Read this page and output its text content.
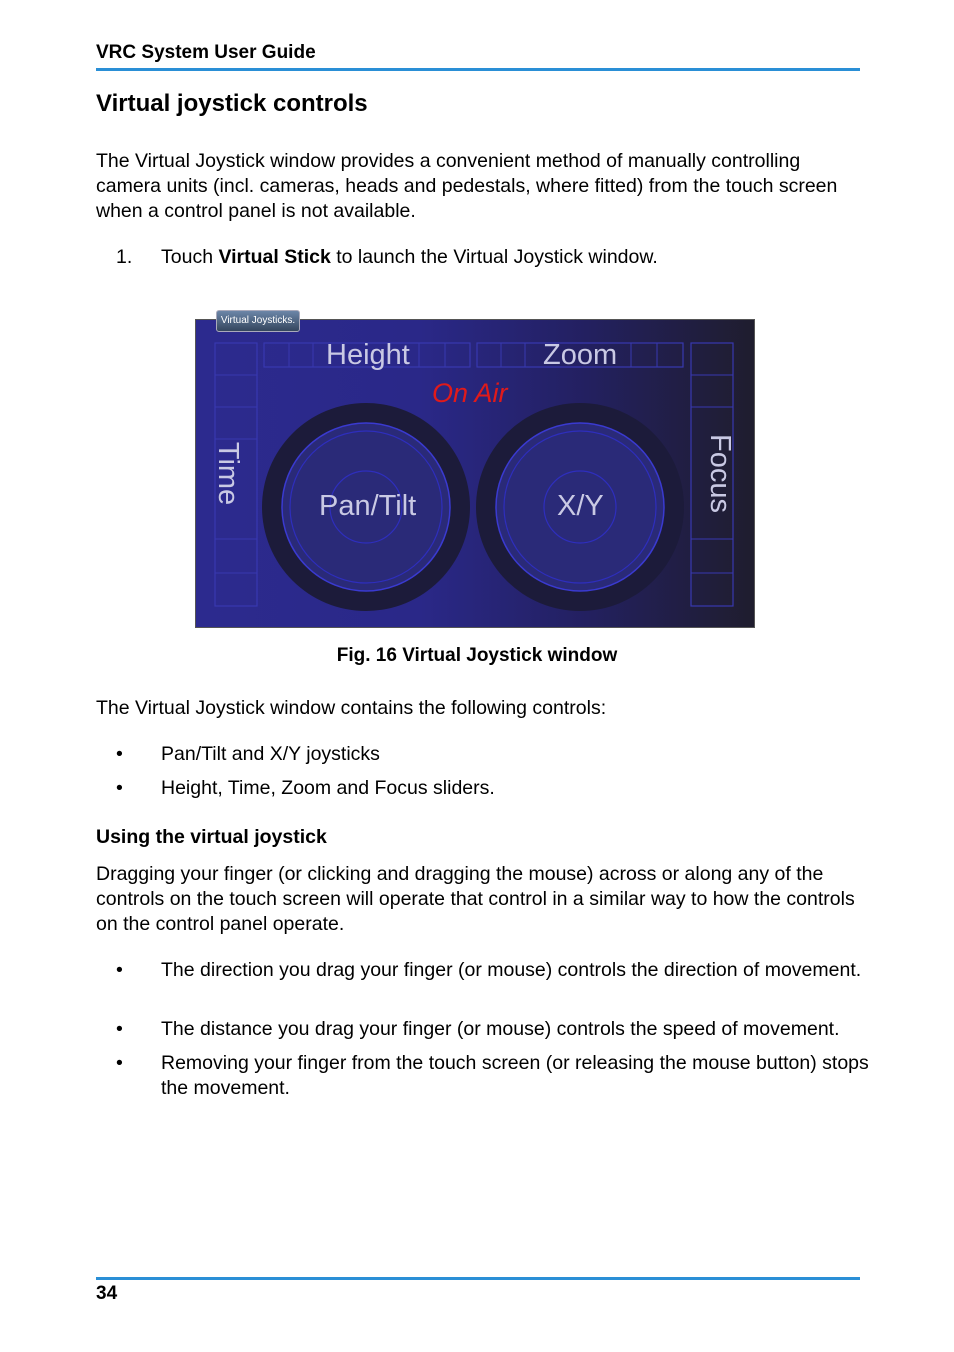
VRC System User Guide
Virtual joystick controls
The Virtual Joystick window provides a convenient method of manually controlling camera units (incl. cameras, heads and pedestals, where fitted) from the touch screen when a control panel is not available.
1. Touch Virtual Stick to launch the Virtual Joystick window.
Virtual Joysticks.
Height	Zoom
On Air
Time	Focus
Pan/Tilt	X/Y
Fig. 16 Virtual Joystick window
The Virtual Joystick window contains the following controls:
• Pan/Tilt and X/Y joysticks
• Height, Time, Zoom and Focus sliders.
Using the virtual joystick
Dragging your finger (or clicking and dragging the mouse) across or along any of the controls on the touch screen will operate that control in a similar way to how the controls on the control panel operate.
• The direction you drag your finger (or mouse) controls the direction of movement.
• The distance you drag your finger (or mouse) controls the speed of movement.
• Removing your finger from the touch screen (or releasing the mouse button) stops the movement.
34
